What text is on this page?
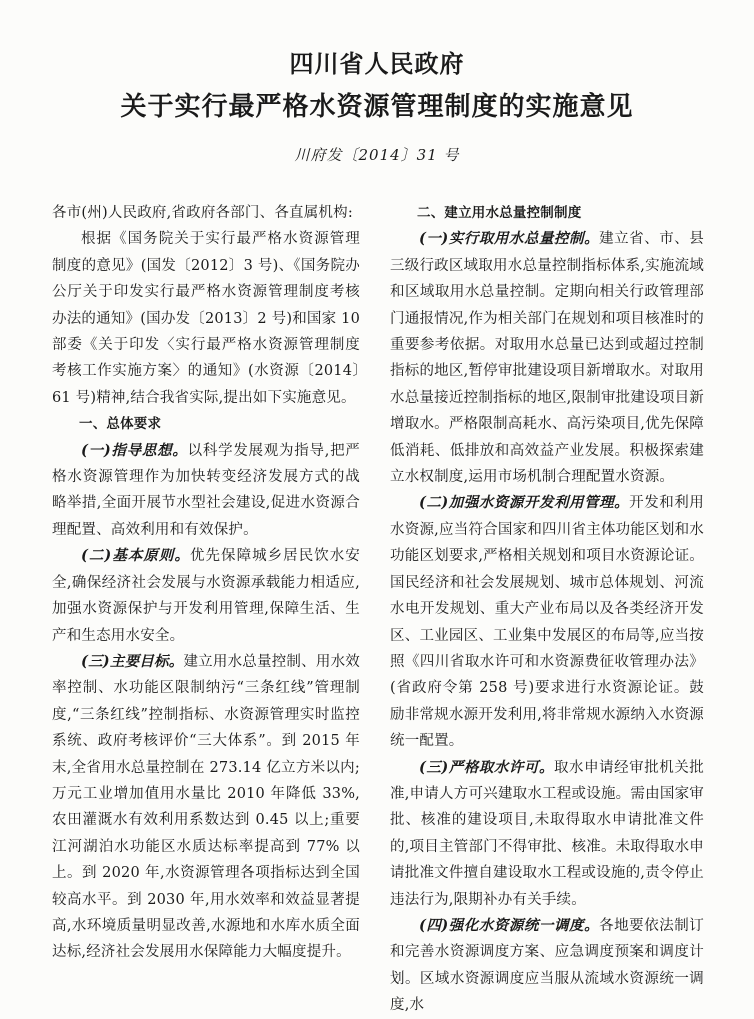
四川省人民政府
关于实行最严格水资源管理制度的实施意见
川府发〔2014〕31 号

各市(州)人民政府,省政府各部门、各直属机构:

根据《国务院关于实行最严格水资源管理制度的意见》(国发〔2012〕3 号)、《国务院办公厅关于印发实行最严格水资源管理制度考核办法的通知》(国办发〔2013〕2 号)和国家 10 部委《关于印发〈实行最严格水资源管理制度考核工作实施方案〉的通知》(水资源〔2014〕61 号)精神,结合我省实际,提出如下实施意见。

一、总体要求

(一)指导思想。以科学发展观为指导,把严格水资源管理作为加快转变经济发展方式的战略举措,全面开展节水型社会建设,促进水资源合理配置、高效利用和有效保护。

(二)基本原则。优先保障城乡居民饮水安全,确保经济社会发展与水资源承载能力相适应,加强水资源保护与开发利用管理,保障生活、生产和生态用水安全。

(三)主要目标。建立用水总量控制、用水效率控制、水功能区限制纳污“三条红线”管理制度,“三条红线”控制指标、水资源管理实时监控系统、政府考核评价“三大体系”。到 2015 年末,全省用水总量控制在 273.14 亿立方米以内;万元工业增加值用水量比 2010 年降低 33%,农田灌溉水有效利用系数达到 0.45 以上;重要江河湖泊水功能区水质达标率提高到 77% 以上。到 2020 年,水资源管理各项指标达到全国较高水平。到 2030 年,用水效率和效益显著提高,水环境质量明显改善,水源地和水库水质全面达标,经济社会发展用水保障能力大幅度提升。

二、建立用水总量控制制度

(一)实行取用水总量控制。建立省、市、县三级行政区域取用水总量控制指标体系,实施流域和区域取用水总量控制。定期向相关行政管理部门通报情况,作为相关部门在规划和项目核准时的重要参考依据。对取用水总量已达到或超过控制指标的地区,暂停审批建设项目新增取水。对取用水总量接近控制指标的地区,限制审批建设项目新增取水。严格限制高耗水、高污染项目,优先保障低消耗、低排放和高效益产业发展。积极探索建立水权制度,运用市场机制合理配置水资源。

(二)加强水资源开发利用管理。开发和利用水资源,应当符合国家和四川省主体功能区划和水功能区划要求,严格相关规划和项目水资源论证。国民经济和社会发展规划、城市总体规划、河流水电开发规划、重大产业布局以及各类经济开发区、工业园区、工业集中发展区的布局等,应当按照《四川省取水许可和水资源费征收管理办法》(省政府令第 258 号)要求进行水资源论证。鼓励非常规水源开发利用,将非常规水源纳入水资源统一配置。

(三)严格取水许可。取水申请经审批机关批准,申请人方可兴建取水工程或设施。需由国家审批、核准的建设项目,未取得取水申请批准文件的,项目主管部门不得审批、核准。未取得取水申请批准文件擅自建设取水工程或设施的,责令停止违法行为,限期补办有关手续。

(四)强化水资源统一调度。各地要依法制订和完善水资源调度方案、应急调度预案和调度计划。区域水资源调度应当服从流域水资源统一调度,水
